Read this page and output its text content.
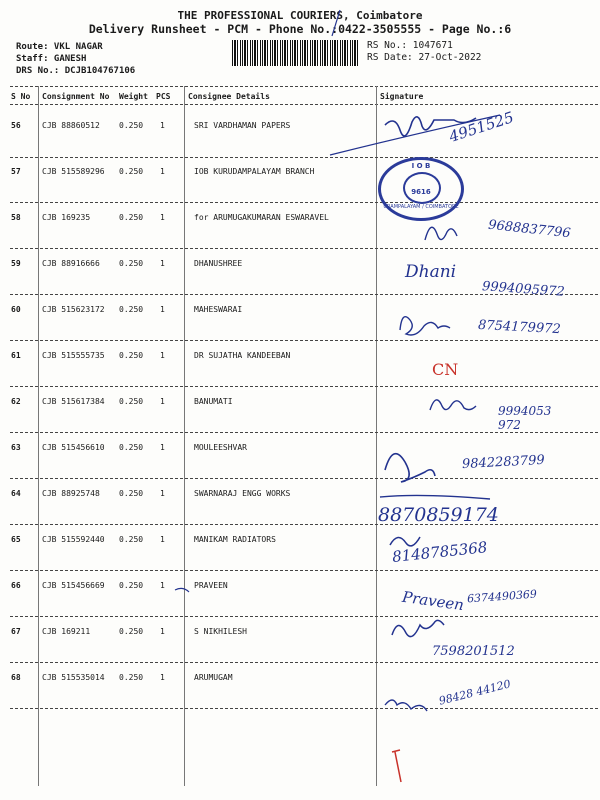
THE PROFESSIONAL COURIERS, Coimbatore
Delivery Runsheet - PCM - Phone No.:0422-3505555 - Page No.:6
Route: VKL NAGAR
Staff: GANESH
DRS No.: DCJB104767106
RS No.: 1047671
RS Date: 27-Oct-2022
S No Consignment No Weight PCS Consignee Details	Signature
56	CJB 88860512 0.250 1	SRI VARDHAMAN PAPERS
57	CJB 515589296 0.250 1	IOB KURUDAMPALAYAM BRANCH
58	CJB 169235	0.250 1	for ARUMUGAKUMARAN ESWARAVEL
59	CJB 88916666 0.250 1	DHANUSHREE
60	CJB 515623172 0.250 1	MAHESWARAI
61	CJB 515555735 0.250 1	DR SUJATHA KANDEEBAN
62	CJB 515617384 0.250 1	BANUMATI
63	CJB 515456610 0.250 1	MOULEESHVAR
64	CJB 88925748 0.250 1	SWARNARAJ ENGG WORKS
65	CJB 515592440 0.250 1	MANIKAM RADIATORS
66	CJB 515456669 0.250 1	PRAVEEN
67	CJB 169211	0.250 1	S NIKHILESH
68	CJB 515535014 0.250 1	ARUMUGAM
4951525
I O B
9616
URAMPALAYAM / COIMBATORE
9688837796
Dhani
9994095972
8754179972
CN
9994053 972
9842283799
8870859174
8148785368
Praveen 6374490369
7598201512
98428 44120
